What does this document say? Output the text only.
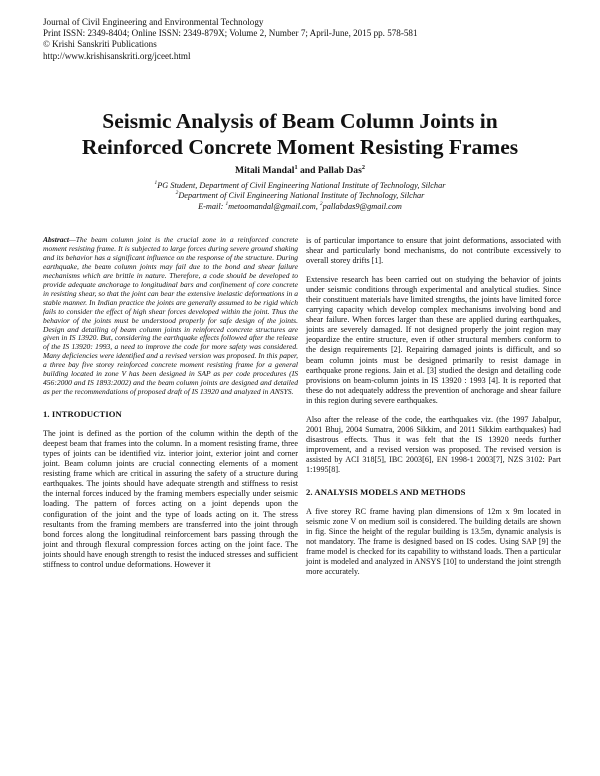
Journal of Civil Engineering and Environmental Technology
Print ISSN: 2349-8404; Online ISSN: 2349-879X; Volume 2, Number 7; April-June, 2015 pp. 578-581
© Krishi Sanskriti Publications
http://www.krishisanskriti.org/jceet.html
Seismic Analysis of Beam Column Joints in
Reinforced Concrete Moment Resisting Frames
Mitali Mandal$^1$ and Pallab Das$^2$
$^1$PG Student, Department of Civil Engineering National Institute of Technology, Silchar
$^2$Department of Civil Engineering National Institute of Technology, Silchar
E-mail: $^1$metoomandal@gmail.com, $^2$pallabdas9@gmail.com

Abstract—The beam column joint is the crucial zone in a reinforced concrete moment resisting frame. It is subjected to large forces during severe ground shaking and its behavior has a significant influence on the response of the structure. During earthquake, the beam column joints may fail due to the bond and shear failure mechanisms which are brittle in nature. Therefore, a code should be developed to provide adequate anchorage to longitudinal bars and confinement of core concrete in resisting shear, so that the joint can bear the extensive inelastic deformations in a stable manner. In Indian practice the joints are generally assumed to be rigid which fails to consider the effect of high shear forces developed within the joint. Thus the behavior of the joints must be understood properly for safe design of the joints. Design and detailing of beam column joints in reinforced concrete structures are given in IS 13920. But, considering the earthquake effects followed after the release of the IS 13920: 1993, a need to improve the code for more safety was considered. Many deficiencies were identified and a revised version was proposed. In this paper, a three bay five storey reinforced concrete moment resisting frame for a general building located in zone V has been designed in SAP as per code procedures (IS 456:2000 and IS 1893:2002) and the beam column joints are designed and detailed as per the recommendations of proposed draft of IS 13920 and analyzed in ANSYS.

1. INTRODUCTION

The joint is defined as the portion of the column within the depth of the deepest beam that frames into the column. In a moment resisting frame, three types of joints can be identified viz. interior joint, exterior joint and corner joint. Beam column joints are crucial connecting elements of a moment resisting frame which are critical in assuring the safety of a structure during earthquakes. The joints should have adequate strength and stiffness to resist the internal forces induced by the framing members especially under seismic loading. The pattern of forces acting on a joint depends upon the configuration of the joint and the type of loads acting on it. The stress resultants from the framing members are transferred into the joint through bond forces along the longitudinal reinforcement bars passing through the joint and through flexural compression forces acting on the joint face. The joints should have enough strength to resist the induced stresses and sufficient stiffness to control undue deformations. However it

is of particular importance to ensure that joint deformations, associated with shear and particularly bond mechanisms, do not contribute excessively to overall storey drifts [1].

Extensive research has been carried out on studying the behavior of joints under seismic conditions through experimental and analytical studies. Since their constituent materials have limited strengths, the joints have limited force carrying capacity which develop complex mechanisms involving bond and shear failure. When forces larger than these are applied during earthquakes, joints are severely damaged. If not designed properly the joint region may jeopardize the entire structure, even if other structural members conform to the design requirements [2]. Repairing damaged joints is difficult, and so beam column joints must be designed primarily to resist damage in earthquake prone regions. Jain et al. [3] studied the design and detailing code provisions on beam-column joints in IS 13920 : 1993 [4]. It is reported that these do not adequately address the prevention of anchorage and shear failure in this region during severe earthquakes.

Also after the release of the code, the earthquakes viz. (the 1997 Jabalpur, 2001 Bhuj, 2004 Sumatra, 2006 Sikkim, and 2011 Sikkim earthquakes) had disastrous effects. Thus it was felt that the IS 13920 needs further improvement, and a revised version was proposed. The revised version is assisted by ACI 318[5], IBC 2003[6], EN 1998-1 2003[7], NZS 3102: Part 1:1995[8].

2. ANALYSIS MODELS AND METHODS

A five storey RC frame having plan dimensions of 12m x 9m located in seismic zone V on medium soil is considered. The building details are shown in fig. Since the height of the regular building is 13.5m, dynamic analysis is not mandatory. The frame is designed based on IS codes. Using SAP [9] the frame model is checked for its capability to withstand loads. Then a particular joint is modeled and analyzed in ANSYS [10] to understand the joint strength more accurately.
